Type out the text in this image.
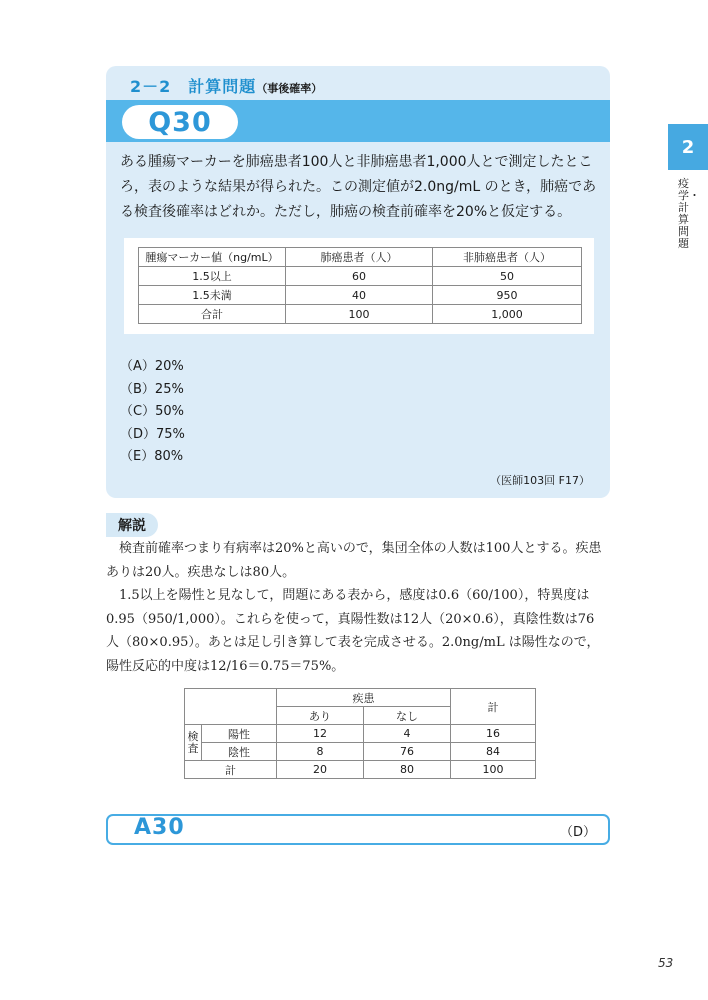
2－2　計算問題（事後確率）
Q30
ある腫瘍マーカーを肺癌患者100人と非肺癌患者1,000人とで測定したところ，表のような結果が得られた。この測定値が2.0ng/mL のとき，肺癌である検査後確率はどれか。ただし，肺癌の検査前確率を20%と仮定する。
腫瘍マーカー値（ng/mL）	肺癌患者（人）	非肺癌患者（人）
1.5以上	60	50
1.5未満	40	950
合計	100	1,000
（A）20%
（B）25%
（C）50%
（D）75%
（E）80%
（医師103回 F17）
解説

検査前確率つまり有病率は20%と高いので，集団全体の人数は100人とする。疾患ありは20人。疾患なしは80人。

1.5以上を陽性と見なして，問題にある表から，感度は0.6（60/100），特異度は0.95（950/1,000）。これらを使って，真陽性数は12人（20×0.6），真陰性数は76人（80×0.95）。あとは足し引き算して表を完成させる。2.0ng/mL は陽性なので，陽性反応的中度は12/16＝0.75＝75%。

		疾患		計
		あり	なし	
検査	陽性	12	4	16
	陰性	8	76	84
計		20	80	100
A30	（D）
2
疫学・計算問題
53
